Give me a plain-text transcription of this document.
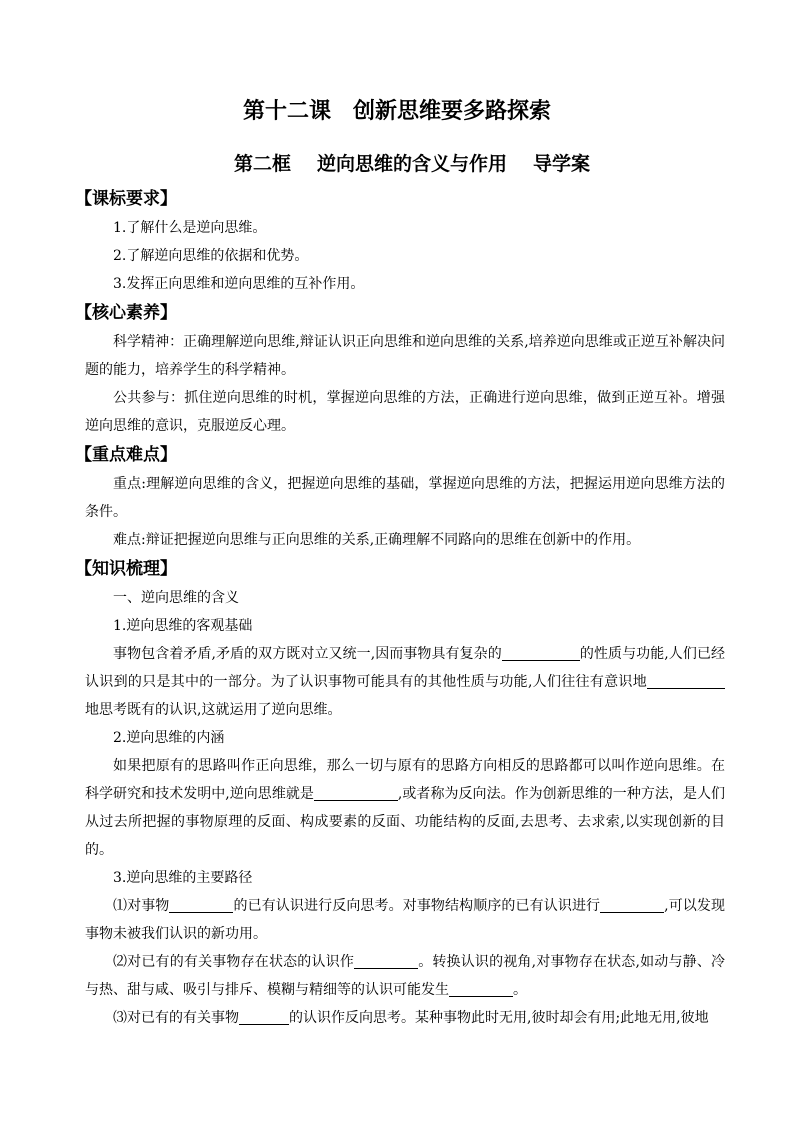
第十二课　创新思维要多路探索
第二框 逆向思维的含义与作用 导学案
【课标要求】
1.了解什么是逆向思维。
2.了解逆向思维的依据和优势。
3.发挥正向思维和逆向思维的互补作用。
【核心素养】
科学精神：正确理解逆向思维,辩证认识正向思维和逆向思维的关系,培养逆向思维或正逆互补解决问题的能力，培养学生的科学精神。
公共参与：抓住逆向思维的时机，掌握逆向思维的方法，正确进行逆向思维，做到正逆互补。增强逆向思维的意识，克服逆反心理。
【重点难点】
重点:理解逆向思维的含义，把握逆向思维的基础，掌握逆向思维的方法，把握运用逆向思维方法的条件。
难点:辩证把握逆向思维与正向思维的关系,正确理解不同路向的思维在创新中的作用。
【知识梳理】
一、逆向思维的含义
1.逆向思维的客观基础
事物包含着矛盾,矛盾的双方既对立又统一,因而事物具有复杂的	的性质与功能,人们已经认识到的只是其中的一部分。为了认识事物可能具有的其他性质与功能,人们往往有意识地地思考既有的认识,这就运用了逆向思维。
2.逆向思维的内涵
如果把原有的思路叫作正向思维，那么一切与原有的思路方向相反的思路都可以叫作逆向思维。在科学研究和技术发明中,逆向思维就是	,或者称为反向法。作为创新思维的一种方法，是人们从过去所把握的事物原理的反面、构成要素的反面、功能结构的反面,去思考、去求索,以实现创新的目的。
3.逆向思维的主要路径
⑴对事物	的已有认识进行反向思考。对事物结构顺序的已有认识进行	,可以发现事物未被我们认识的新功用。
⑵对已有的有关事物存在状态的认识作	。转换认识的视角,对事物存在状态,如动与静、冷与热、甜与咸、吸引与排斥、模糊与精细等的认识可能发生	。
⑶对已有的有关事物	的认识作反向思考。某种事物此时无用,彼时却会有用;此地无用,彼地
